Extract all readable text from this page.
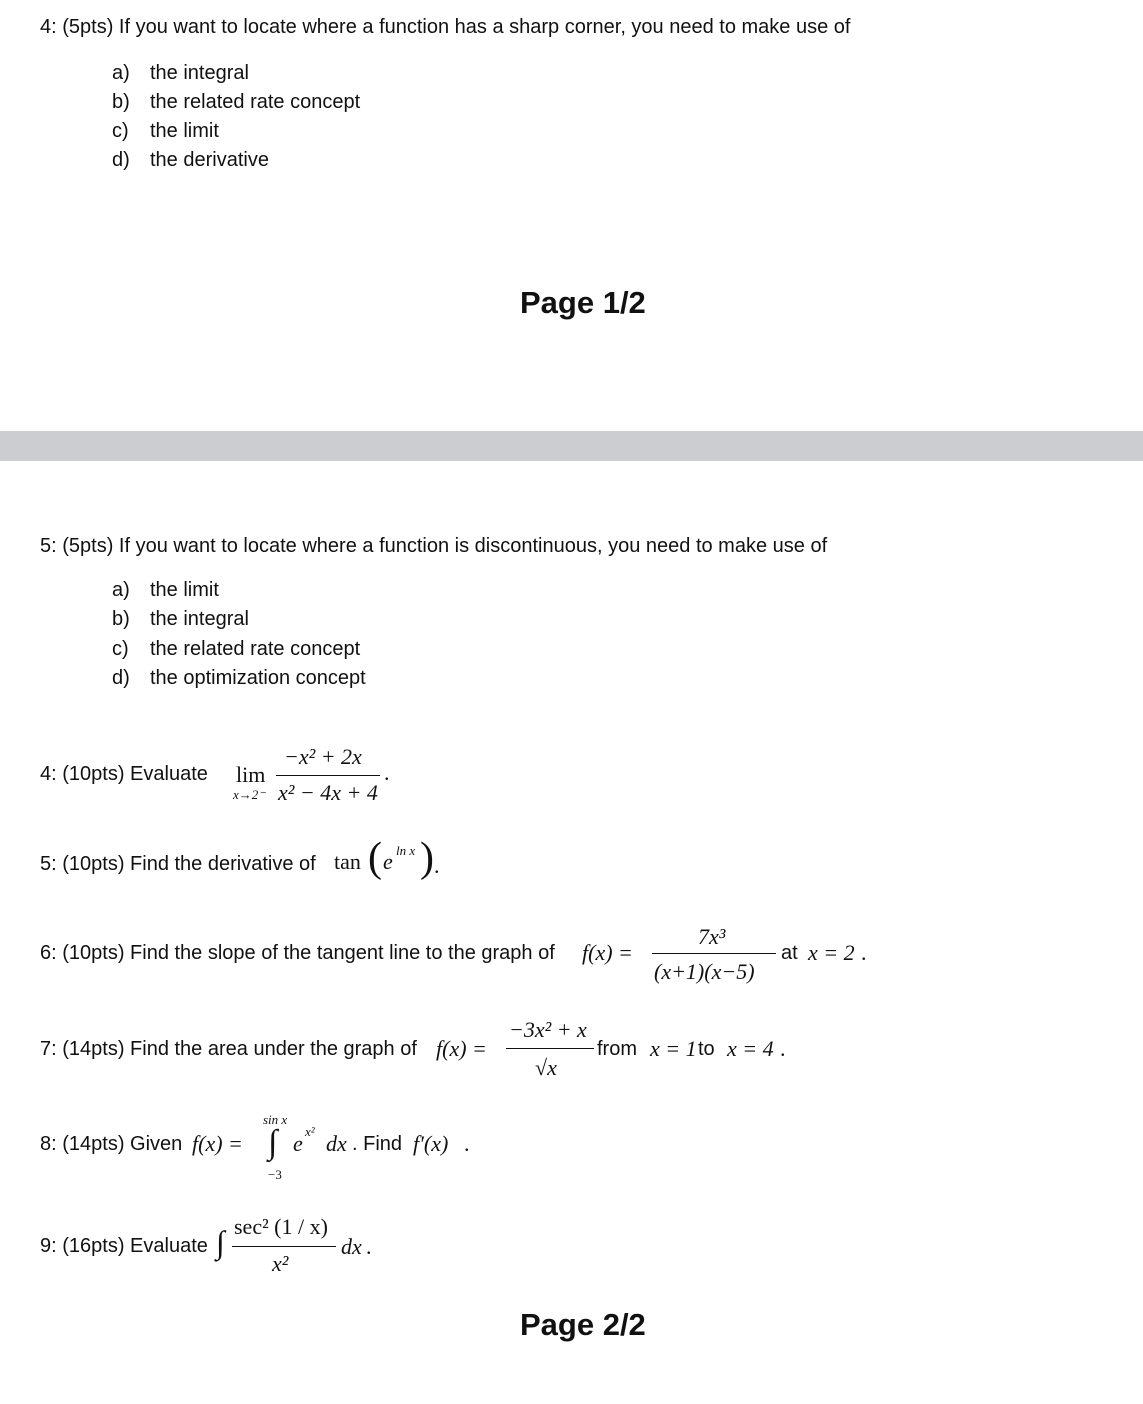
4: (5pts) If you want to locate where a function has a sharp corner, you need to make use of
a) the integral
b) the related rate concept
c) the limit
d) the derivative
Page 1/2
5: (5pts) If you want to locate where a function is discontinuous, you need to make use of
a) the limit
b) the integral
c) the related rate concept
d) the optimization concept
4: (10pts) Evaluate lim
x→2⁻
−x² + 2x
x² − 4x + 4
.
5: (10pts) Find the derivative of tan ( e ln x ) .
6: (10pts) Find the slope of the tangent line to the graph of f(x) =
7x³
(x+1)(x−5)
at x = 2 .
7: (14pts) Find the area under the graph of f(x) =
−3x² + x
√x
from x = 1 to x = 4 .
8: (14pts) Given f(x) =
sin x
∫
−3
e x² dx . Find f′(x) .
9: (16pts) Evaluate ∫ sec² (1 / x)
x²
dx .
Page 2/2
